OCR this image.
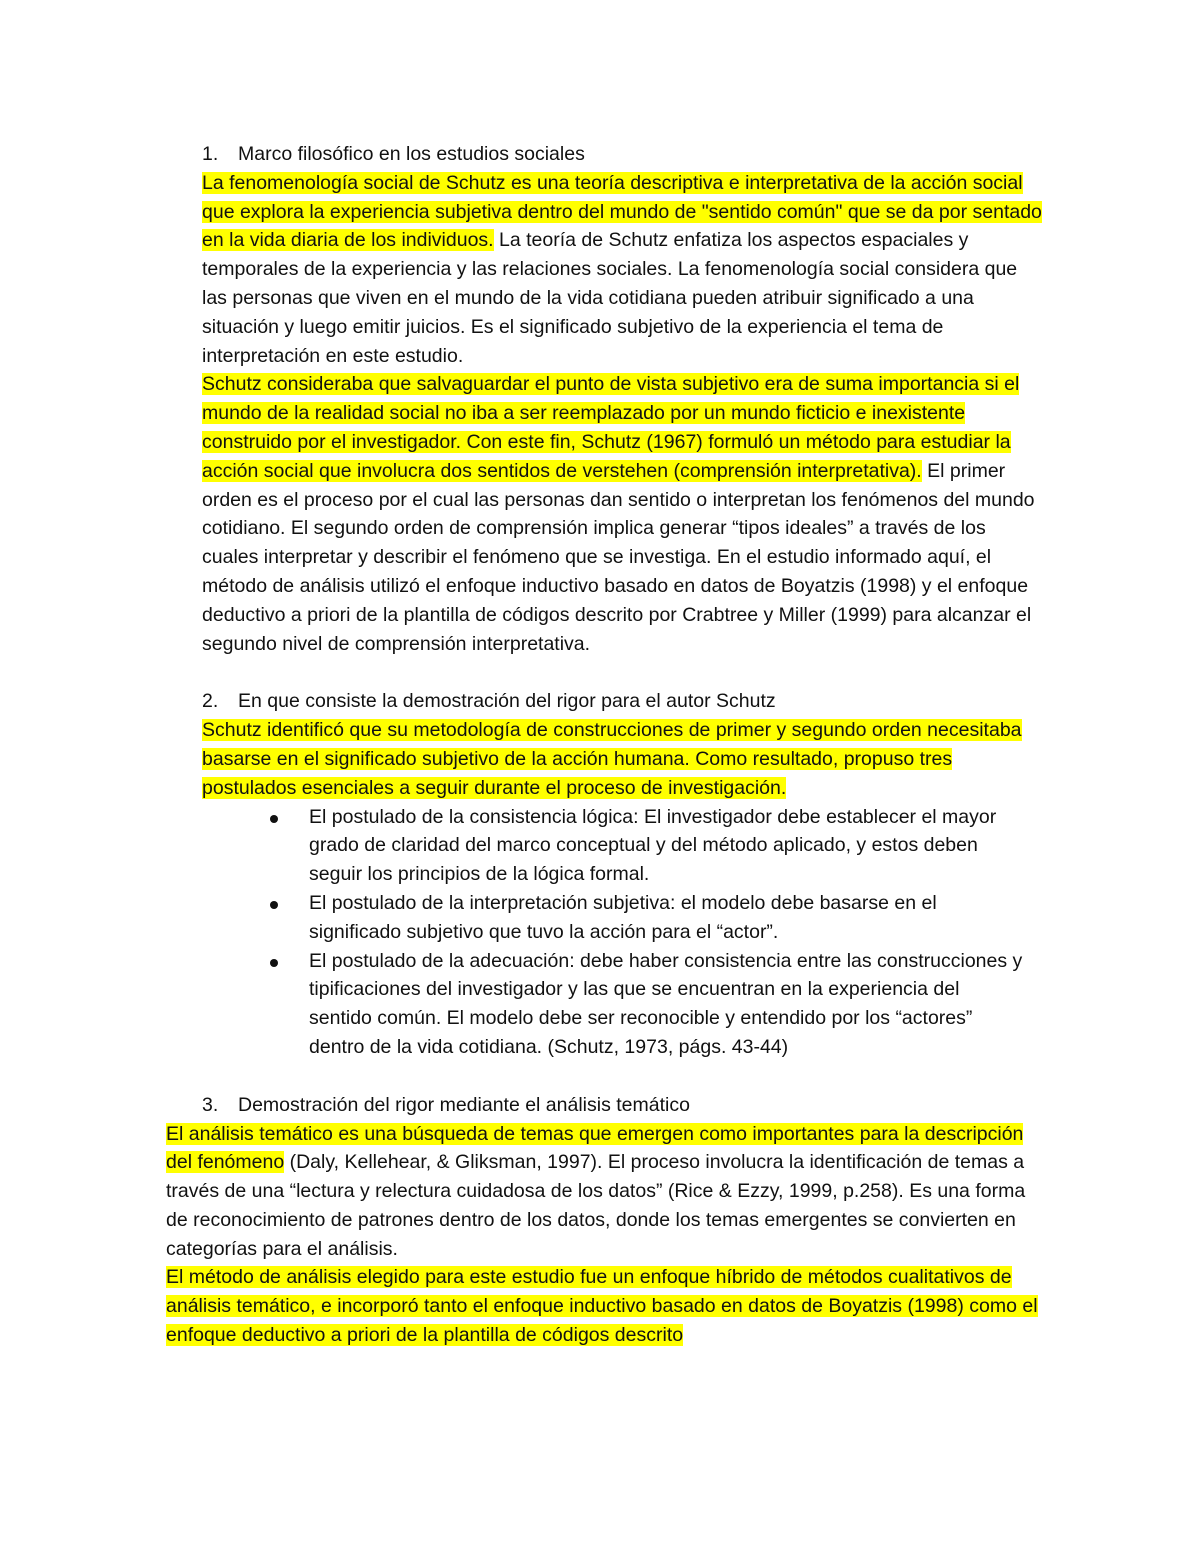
1. Marco filosófico en los estudios sociales
La fenomenología social de Schutz es una teoría descriptiva e interpretativa de la acción social que explora la experiencia subjetiva dentro del mundo de "sentido común" que se da por sentado en la vida diaria de los individuos. La teoría de Schutz enfatiza los aspectos espaciales y temporales de la experiencia y las relaciones sociales. La fenomenología social considera que las personas que viven en el mundo de la vida cotidiana pueden atribuir significado a una situación y luego emitir juicios. Es el significado subjetivo de la experiencia el tema de interpretación en este estudio.
Schutz consideraba que salvaguardar el punto de vista subjetivo era de suma importancia si el mundo de la realidad social no iba a ser reemplazado por un mundo ficticio e inexistente construido por el investigador. Con este fin, Schutz (1967) formuló un método para estudiar la acción social que involucra dos sentidos de verstehen (comprensión interpretativa). El primer orden es el proceso por el cual las personas dan sentido o interpretan los fenómenos del mundo cotidiano. El segundo orden de comprensión implica generar “tipos ideales” a través de los cuales interpretar y describir el fenómeno que se investiga. En el estudio informado aquí, el método de análisis utilizó el enfoque inductivo basado en datos de Boyatzis (1998) y el enfoque deductivo a priori de la plantilla de códigos descrito por Crabtree y Miller (1999) para alcanzar el segundo nivel de comprensión interpretativa.
2. En que consiste la demostración del rigor para el autor Schutz
Schutz identificó que su metodología de construcciones de primer y segundo orden necesitaba basarse en el significado subjetivo de la acción humana. Como resultado, propuso tres postulados esenciales a seguir durante el proceso de investigación.
El postulado de la consistencia lógica: El investigador debe establecer el mayor grado de claridad del marco conceptual y del método aplicado, y estos deben seguir los principios de la lógica formal.
El postulado de la interpretación subjetiva: el modelo debe basarse en el significado subjetivo que tuvo la acción para el “actor”.
El postulado de la adecuación: debe haber consistencia entre las construcciones y tipificaciones del investigador y las que se encuentran en la experiencia del sentido común. El modelo debe ser reconocible y entendido por los “actores” dentro de la vida cotidiana. (Schutz, 1973, págs. 43-44)
3. Demostración del rigor mediante el análisis temático
El análisis temático es una búsqueda de temas que emergen como importantes para la descripción del fenómeno (Daly, Kellehear, & Gliksman, 1997). El proceso involucra la identificación de temas a través de una “lectura y relectura cuidadosa de los datos” (Rice & Ezzy, 1999, p.258). Es una forma de reconocimiento de patrones dentro de los datos, donde los temas emergentes se convierten en categorías para el análisis.
El método de análisis elegido para este estudio fue un enfoque híbrido de métodos cualitativos de análisis temático, e incorporó tanto el enfoque inductivo basado en datos de Boyatzis (1998) como el enfoque deductivo a priori de la plantilla de códigos descrito
